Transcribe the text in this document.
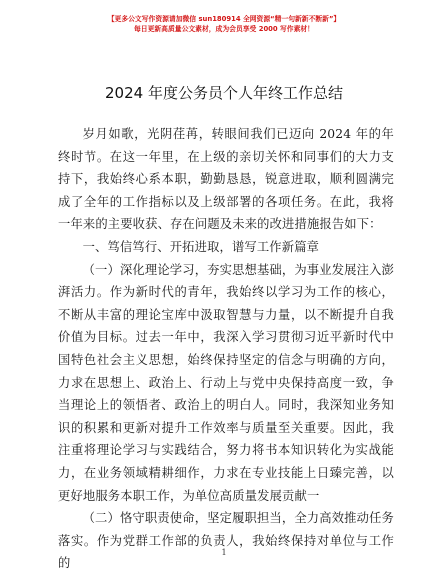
【更多公文写作资源请加微信 sun180914 全网资源“精一句新新不断新”】
每日更新高质量公文素材，成为会员享受 2000 写作素材！
2024 年度公务员个人年终工作总结

岁月如歌，光阴荏苒，转眼间我们已迈向 2024 年的年终时节。在这一年里，在上级的亲切关怀和同事们的大力支持下，我始终心系本职，勤勤恳恳，锐意进取，顺利圆满完成了全年的工作指标以及上级部署的各项任务。在此，我将一年来的主要收获、存在问题及未来的改进措施报告如下：

一、笃信笃行、开拓进取，谱写工作新篇章

（一）深化理论学习，夯实思想基础，为事业发展注入澎湃活力。作为新时代的青年，我始终以学习为工作的核心，不断从丰富的理论宝库中汲取智慧与力量，以不断提升自我价值为目标。过去一年中，我深入学习贯彻习近平新时代中国特色社会主义思想，始终保持坚定的信念与明确的方向，力求在思想上、政治上、行动上与党中央保持高度一致，争当理论上的领悟者、政治上的明白人。同时，我深知业务知识的积累和更新对提升工作效率与质量至关重要。因此，我注重将理论学习与实践结合，努力将书本知识转化为实战能力，在业务领域精耕细作，力求在专业技能上日臻完善，以更好地服务本职工作，为单位高质量发展贡献一

（二）恪守职责使命，坚定履职担当，全力高效推动任务落实。作为党群工作部的负责人，我始终保持对单位与工作的

1
